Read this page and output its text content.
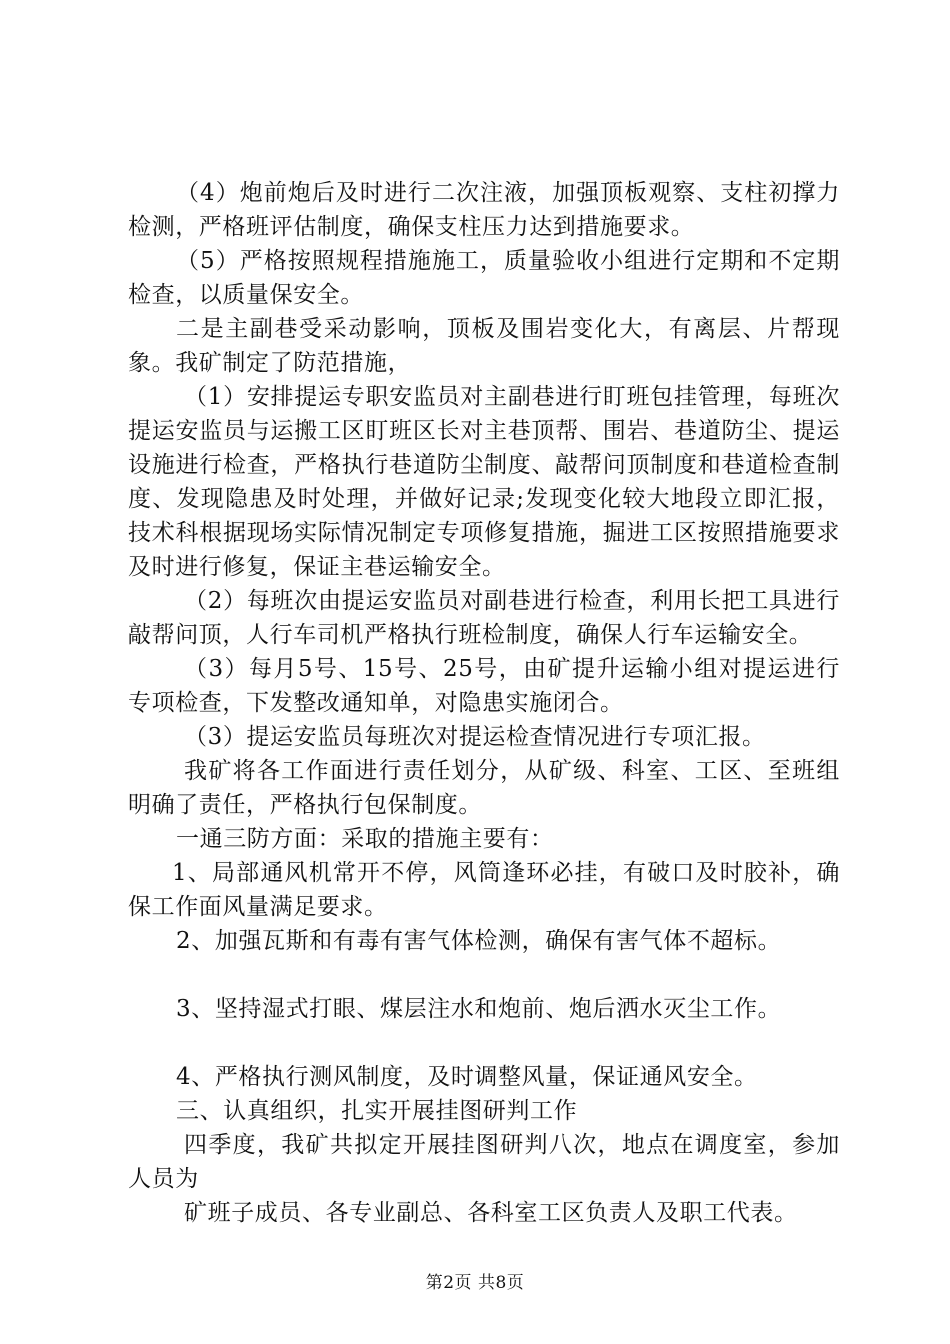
（4）炮前炮后及时进行二次注液，加强顶板观察、支柱初撑力检测，严格班评估制度，确保支柱压力达到措施要求。

（5）严格按照规程措施施工，质量验收小组进行定期和不定期检查，以质量保安全。

二是主副巷受采动影响，顶板及围岩变化大，有离层、片帮现象。我矿制定了防范措施，

（1）安排提运专职安监员对主副巷进行盯班包挂管理，每班次提运安监员与运搬工区盯班区长对主巷顶帮、围岩、巷道防尘、提运设施进行检查，严格执行巷道防尘制度、敲帮问顶制度和巷道检查制度、发现隐患及时处理，并做好记录;发现变化较大地段立即汇报，技术科根据现场实际情况制定专项修复措施，掘进工区按照措施要求及时进行修复，保证主巷运输安全。

（2）每班次由提运安监员对副巷进行检查，利用长把工具进行敲帮问顶，人行车司机严格执行班检制度，确保人行车运输安全。

（3）每月5号、15号、25号，由矿提升运输小组对提运进行专项检查，下发整改通知单，对隐患实施闭合。

（3）提运安监员每班次对提运检查情况进行专项汇报。

我矿将各工作面进行责任划分，从矿级、科室、工区、至班组明确了责任，严格执行包保制度。

一通三防方面：采取的措施主要有：

1、局部通风机常开不停，风筒逢环必挂，有破口及时胶补，确保工作面风量满足要求。

2、加强瓦斯和有毒有害气体检测，确保有害气体不超标。

3、坚持湿式打眼、煤层注水和炮前、炮后洒水灭尘工作。

4、严格执行测风制度，及时调整风量，保证通风安全。

三、认真组织，扎实开展挂图研判工作

四季度，我矿共拟定开展挂图研判八次，地点在调度室，参加人员为

矿班子成员、各专业副总、各科室工区负责人及职工代表。

第2页 共8页
